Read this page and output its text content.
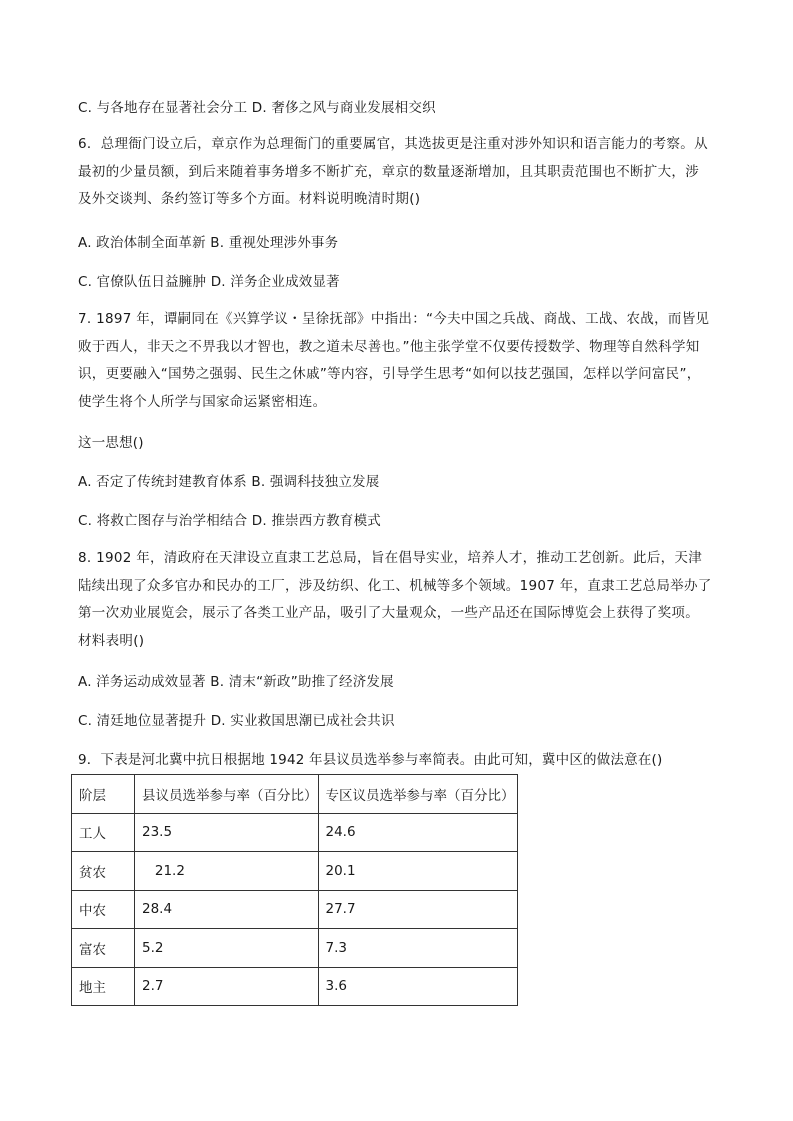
C. 与各地存在显著社会分工 D. 奢侈之风与商业发展相交织
6．总理衙门设立后，章京作为总理衙门的重要属官，其选拔更是注重对涉外知识和语言能力的考察。从最初的少量员额，到后来随着事务增多不断扩充，章京的数量逐渐增加，且其职责范围也不断扩大，涉及外交谈判、条约签订等多个方面。材料说明晚清时期()
A. 政治体制全面革新 B. 重视处理涉外事务
C. 官僚队伍日益臃肿 D. 洋务企业成效显著
7. 1897 年，谭嗣同在《兴算学议・呈徐抚部》中指出：“今夫中国之兵战、商战、工战、农战，而皆见败于西人，非天之不畀我以才智也，教之道未尽善也。”他主张学堂不仅要传授数学、物理等自然科学知识，更要融入“国势之强弱、民生之休戚”等内容，引导学生思考“如何以技艺强国，怎样以学问富民”，使学生将个人所学与国家命运紧密相连。
这一思想()
A. 否定了传统封建教育体系 B. 强调科技独立发展
C. 将救亡图存与治学相结合 D. 推崇西方教育模式
8. 1902 年，清政府在天津设立直隶工艺总局，旨在倡导实业，培养人才，推动工艺创新。此后，天津陆续出现了众多官办和民办的工厂，涉及纺织、化工、机械等多个领域。1907 年，直隶工艺总局举办了第一次劝业展览会，展示了各类工业产品，吸引了大量观众，一些产品还在国际博览会上获得了奖项。材料表明()
A. 洋务运动成效显著 B. 清末“新政”助推了经济发展
C. 清廷地位显著提升 D. 实业救国思潮已成社会共识
9．下表是河北冀中抗日根据地 1942 年县议员选举参与率简表。由此可知，冀中区的做法意在()
阶层	县议员选举参与率（百分比）	专区议员选举参与率（百分比）
工人	23.5	24.6
贫农	21.2	20.1
中农	28.4	27.7
富农	5.2	7.3
地主	2.7	3.6
